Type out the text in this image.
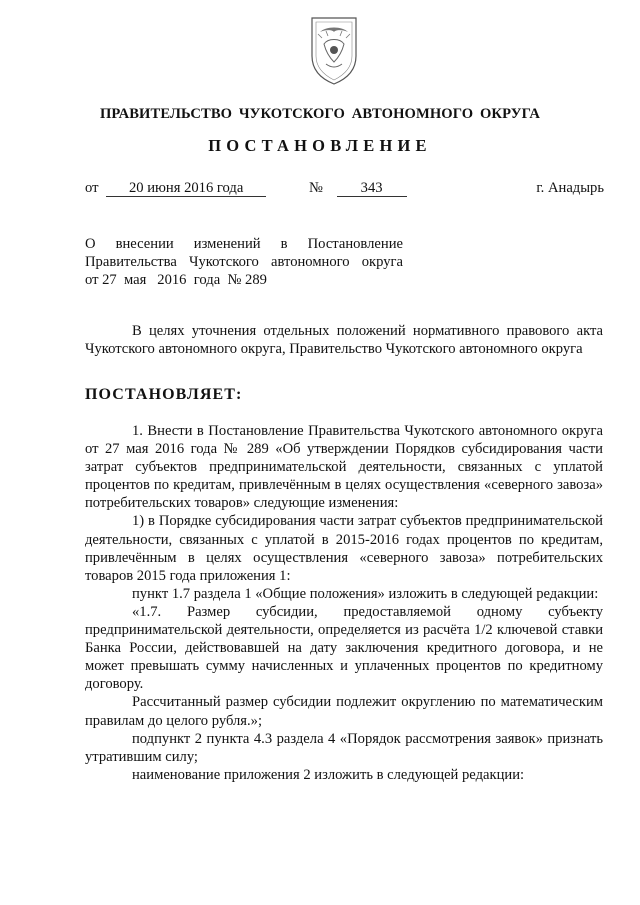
ПРАВИТЕЛЬСТВО ЧУКОТСКОГО АВТОНОМНОГО ОКРУГА
ПОСТАНОВЛЕНИЕ
от 20 июня 2016 года	№	343	г. Анадырь
О     внесении     изменений     в     Постановление
Правительства  Чукотского  автономного  округа
от 27  мая   2016  года  № 289

В целях уточнения отдельных положений нормативного правового акта Чукотского автономного округа, Правительство Чукотского автономного округа

ПОСТАНОВЛЯЕТ:

1. Внести в Постановление Правительства Чукотского автономного округа от 27 мая 2016 года № 289 «Об утверждении Порядков субсидирования части затрат субъектов предпринимательской деятельности, связанных с уплатой процентов по кредитам, привлечённым в целях осуществления «северного завоза» потребительских товаров» следующие изменения:

1) в Порядке субсидирования части затрат субъектов предпринимательской деятельности, связанных с уплатой в 2015-2016 годах процентов по кредитам, привлечённым в целях осуществления «северного завоза» потребительских товаров 2015 года приложения 1:

пункт 1.7 раздела 1 «Общие положения» изложить в следующей редакции:

«1.7. Размер субсидии, предоставляемой одному субъекту предпринимательской деятельности, определяется из расчёта 1/2 ключевой ставки Банка России, действовавшей на дату заключения кредитного договора, и не может превышать сумму начисленных и уплаченных процентов по кредитному договору.

Рассчитанный размер субсидии подлежит округлению по математическим правилам до целого рубля.»;

подпункт 2 пункта 4.3 раздела 4 «Порядок рассмотрения заявок» признать утратившим силу;

наименование приложения 2 изложить в следующей редакции:
